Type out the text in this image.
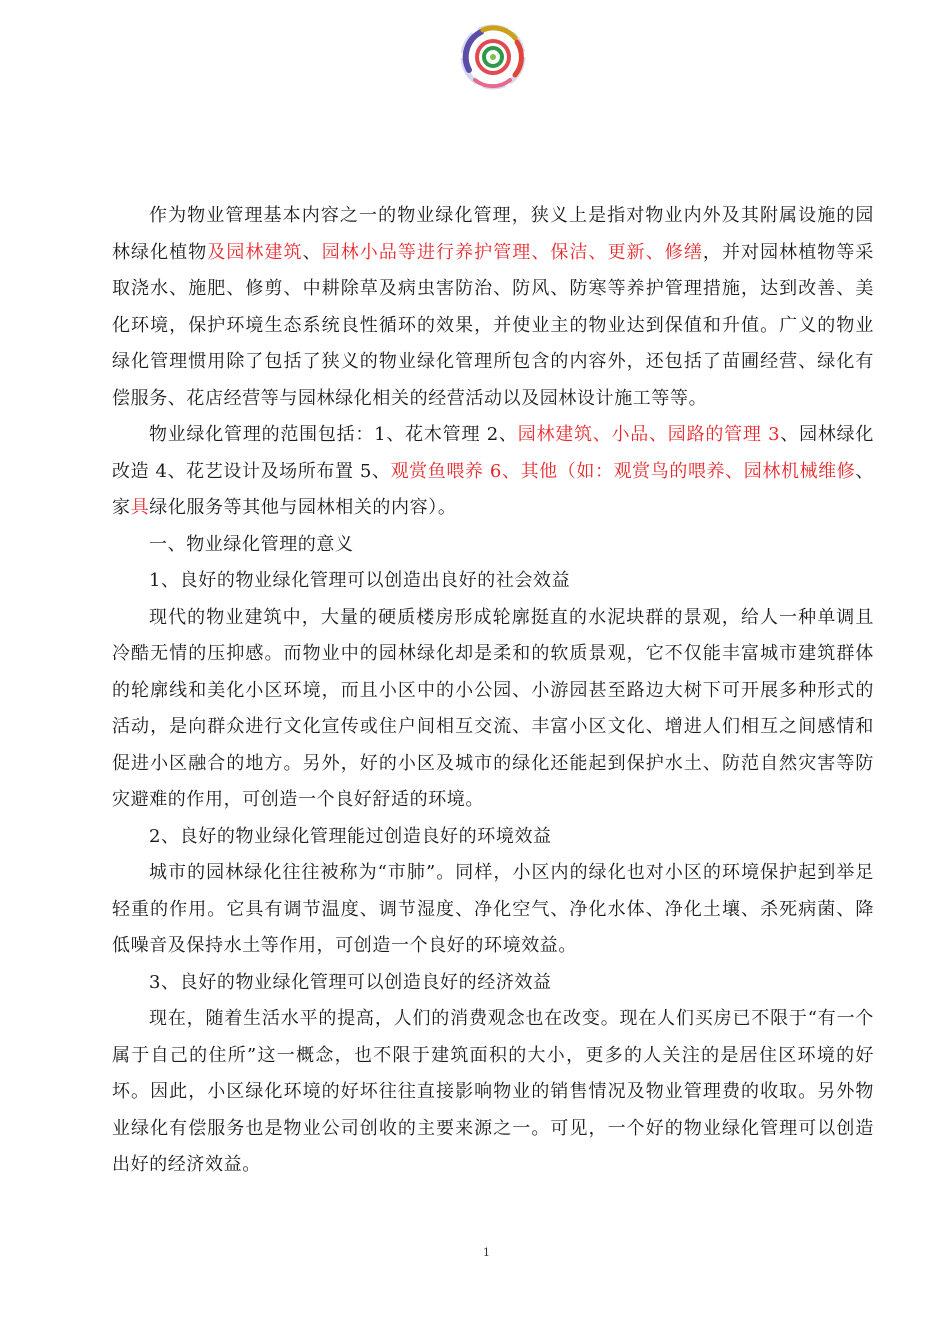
作为物业管理基本内容之一的物业绿化管理，狭义上是指对物业内外及其附属设施的园林绿化植物及园林建筑、园林小品等进行养护管理、保洁、更新、修缮，并对园林植物等采取浇水、施肥、修剪、中耕除草及病虫害防治、防风、防寒等养护管理措施，达到改善、美化环境，保护环境生态系统良性循环的效果，并使业主的物业达到保值和升值。广义的物业绿化管理惯用除了包括了狭义的物业绿化管理所包含的内容外，还包括了苗圃经营、绿化有偿服务、花店经营等与园林绿化相关的经营活动以及园林设计施工等等。

物业绿化管理的范围包括：1、花木管理 2、园林建筑、小品、园路的管理 3、园林绿化改造 4、花艺设计及场所布置 5、观赏鱼喂养 6、其他（如：观赏鸟的喂养、园林机械维修、家具绿化服务等其他与园林相关的内容）。

一、物业绿化管理的意义

1、良好的物业绿化管理可以创造出良好的社会效益

现代的物业建筑中，大量的硬质楼房形成轮廓挺直的水泥块群的景观，给人一种单调且冷酷无情的压抑感。而物业中的园林绿化却是柔和的软质景观，它不仅能丰富城市建筑群体的轮廓线和美化小区环境，而且小区中的小公园、小游园甚至路边大树下可开展多种形式的活动，是向群众进行文化宣传或住户间相互交流、丰富小区文化、增进人们相互之间感情和促进小区融合的地方。另外，好的小区及城市的绿化还能起到保护水土、防范自然灾害等防灾避难的作用，可创造一个良好舒适的环境。

2、良好的物业绿化管理能过创造良好的环境效益

城市的园林绿化往往被称为“市肺”。同样，小区内的绿化也对小区的环境保护起到举足轻重的作用。它具有调节温度、调节湿度、净化空气、净化水体、净化土壤、杀死病菌、降低噪音及保持水土等作用，可创造一个良好的环境效益。

3、良好的物业绿化管理可以创造良好的经济效益

现在，随着生活水平的提高，人们的消费观念也在改变。现在人们买房已不限于“有一个属于自己的住所”这一概念，也不限于建筑面积的大小，更多的人关注的是居住区环境的好坏。因此，小区绿化环境的好坏往往直接影响物业的销售情况及物业管理费的收取。另外物业绿化有偿服务也是物业公司创收的主要来源之一。可见，一个好的物业绿化管理可以创造出好的经济效益。

1
